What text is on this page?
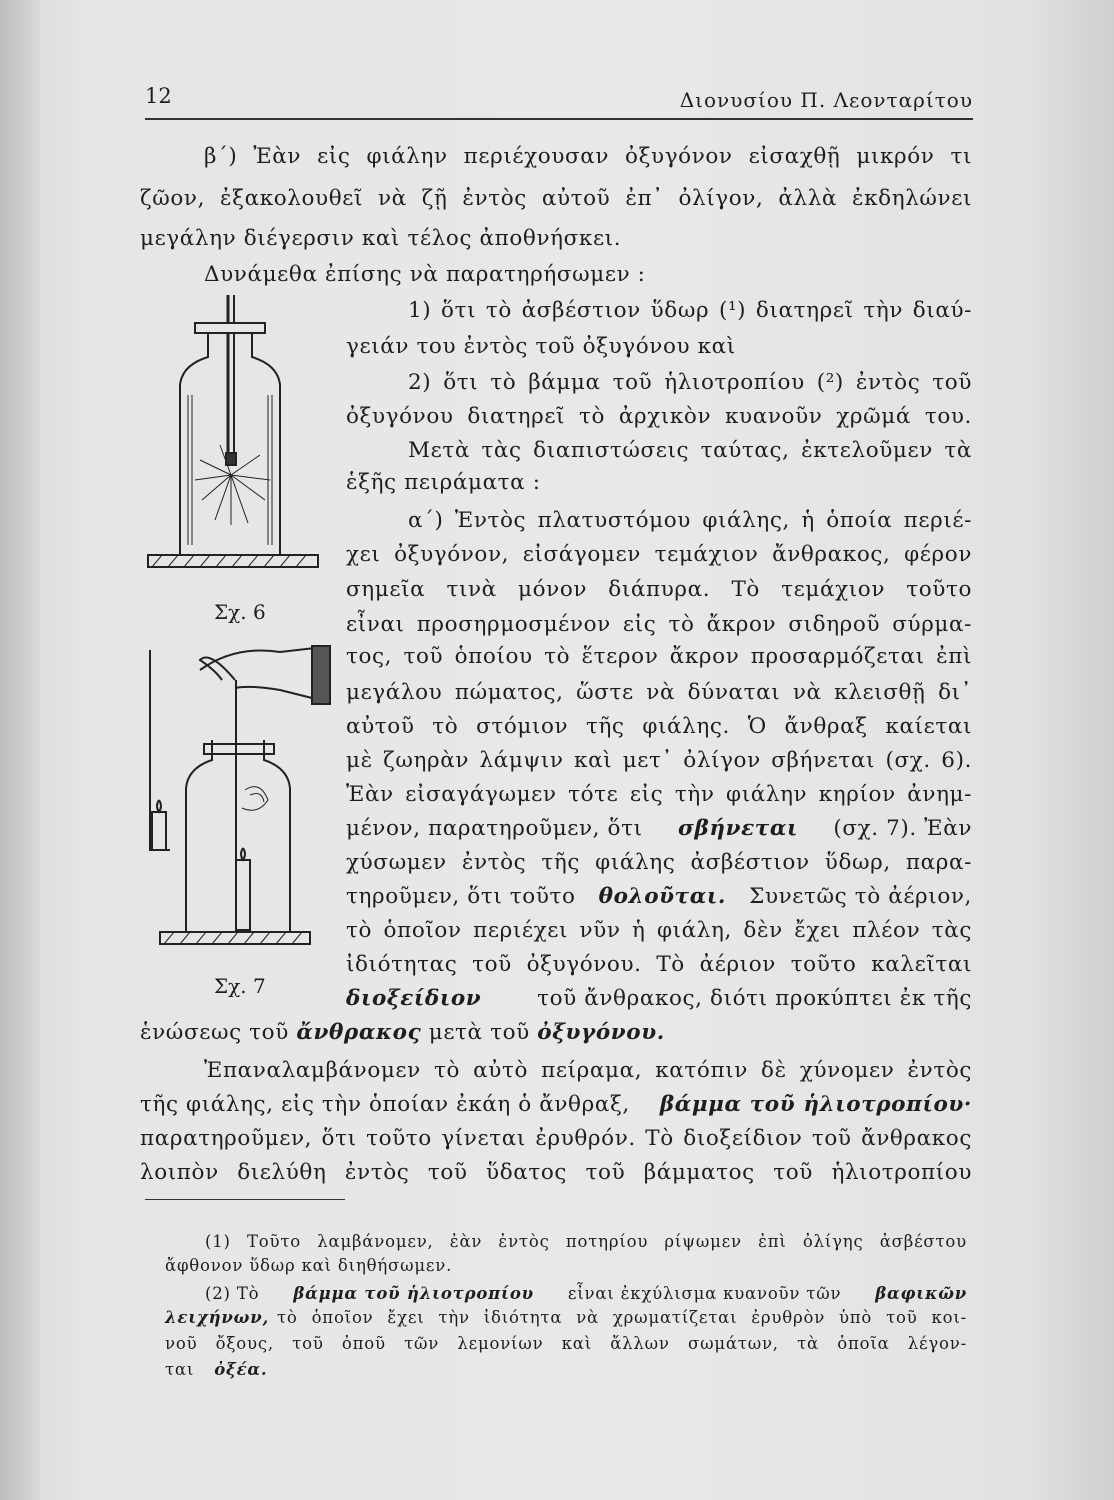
12	Διονυσίου Π. Λεονταρίτου
β΄) Ἐὰν εἰς φιάλην περιέχουσαν ὀξυγόνον εἰσαχθῇ μικρόν τι
ζῶον, ἐξακολουθεῖ νὰ ζῇ ἐντὸς αὐτοῦ ἐπ᾿ ὀλίγον, ἀλλὰ ἐκδηλώνει
μεγάλην διέγερσιν καὶ τέλος ἀποθνήσκει.
Δυνάμεθα ἐπίσης νὰ παρατηρήσωμεν :
1) ὅτι τὸ ἀσβέστιον ὕδωρ (¹) διατηρεῖ τὴν διαύ-
γειάν του ἐντὸς τοῦ ὀξυγόνου καὶ
2) ὅτι τὸ βάμμα τοῦ ἡλιοτροπίου (²) ἐντὸς τοῦ
ὀξυγόνου διατηρεῖ τὸ ἀρχικὸν κυανοῦν χρῶμά του.
Μετὰ τὰς διαπιστώσεις ταύτας, ἐκτελοῦμεν τὰ
ἑξῆς πειράματα :
α΄) Ἐντὸς πλατυστόμου φιάλης, ἡ ὁποία περιέ-
χει ὀξυγόνον, εἰσάγομεν τεμάχιον ἄνθρακος, φέρον
σημεῖα τινὰ μόνον διάπυρα. Τὸ τεμάχιον τοῦτο
εἶναι προσηρμοσμένον εἰς τὸ ἄκρον σιδηροῦ σύρμα-
τος, τοῦ ὁποίου τὸ ἕτερον ἄκρον προσαρμόζεται ἐπὶ
μεγάλου πώματος, ὥστε νὰ δύναται νὰ κλεισθῇ δι᾿
αὐτοῦ τὸ στόμιον τῆς φιάλης. Ὁ ἄνθραξ καίεται
μὲ ζωηρὰν λάμψιν καὶ μετ᾿ ὀλίγον σβήνεται (σχ. 6).
Ἐὰν εἰσαγάγωμεν τότε εἰς τὴν φιάλην κηρίον ἀνημ-
μένον, παρατηροῦμεν, ὅτι σβήνεται (σχ. 7). Ἐὰν
χύσωμεν ἐντὸς τῆς φιάλης ἀσβέστιον ὕδωρ, παρα-
τηροῦμεν, ὅτι τοῦτο θολοῦται. Συνετῶς τὸ ἀέριον,
τὸ ὁποῖον περιέχει νῦν ἡ φιάλη, δὲν ἔχει πλέον τὰς
ἰδιότητας τοῦ ὀξυγόνου. Τὸ ἀέριον τοῦτο καλεῖται
διοξείδιον	τοῦ ἄνθρακος, διότι προκύπτει ἐκ τῆς
ἑνώσεως τοῦ ἄνθρακος μετὰ τοῦ ὀξυγόνου.
Ἐπαναλαμβάνομεν τὸ αὐτὸ πείραμα, κατόπιν δὲ χύνομεν ἐντὸς
τῆς φιάλης, εἰς τὴν ὁποίαν ἐκάη ὁ ἄνθραξ, βάμμα τοῦ ἡλιοτροπίου·
παρατηροῦμεν, ὅτι τοῦτο γίνεται ἐρυθρόν. Τὸ διοξείδιον τοῦ ἄνθρακος
λοιπὸν διελύθη ἐντὸς τοῦ ὕδατος τοῦ βάμματος τοῦ ἡλιοτροπίου
Σχ. 6
Σχ. 7
(1) Τοῦτο λαμβάνομεν, ἐὰν ἐντὸς ποτηρίου ρίψωμεν ἐπὶ ὀλίγης ἀσβέστου
ἄφθονον ὕδωρ καὶ διηθήσωμεν.
(2) Τὸ βάμμα τοῦ ἡλιοτροπίου εἶναι ἐκχύλισμα κυανοῦν τῶν βαφικῶν
λειχήνων, τὸ ὁποῖον ἔχει τὴν ἰδιότητα νὰ χρωματίζεται ἐρυθρὸν ὑπὸ τοῦ κοι-
νοῦ ὄξους, τοῦ ὀποῦ τῶν λεμονίων καὶ ἄλλων σωμάτων, τὰ ὁποῖα λέγον-
ται ὀξέα.
